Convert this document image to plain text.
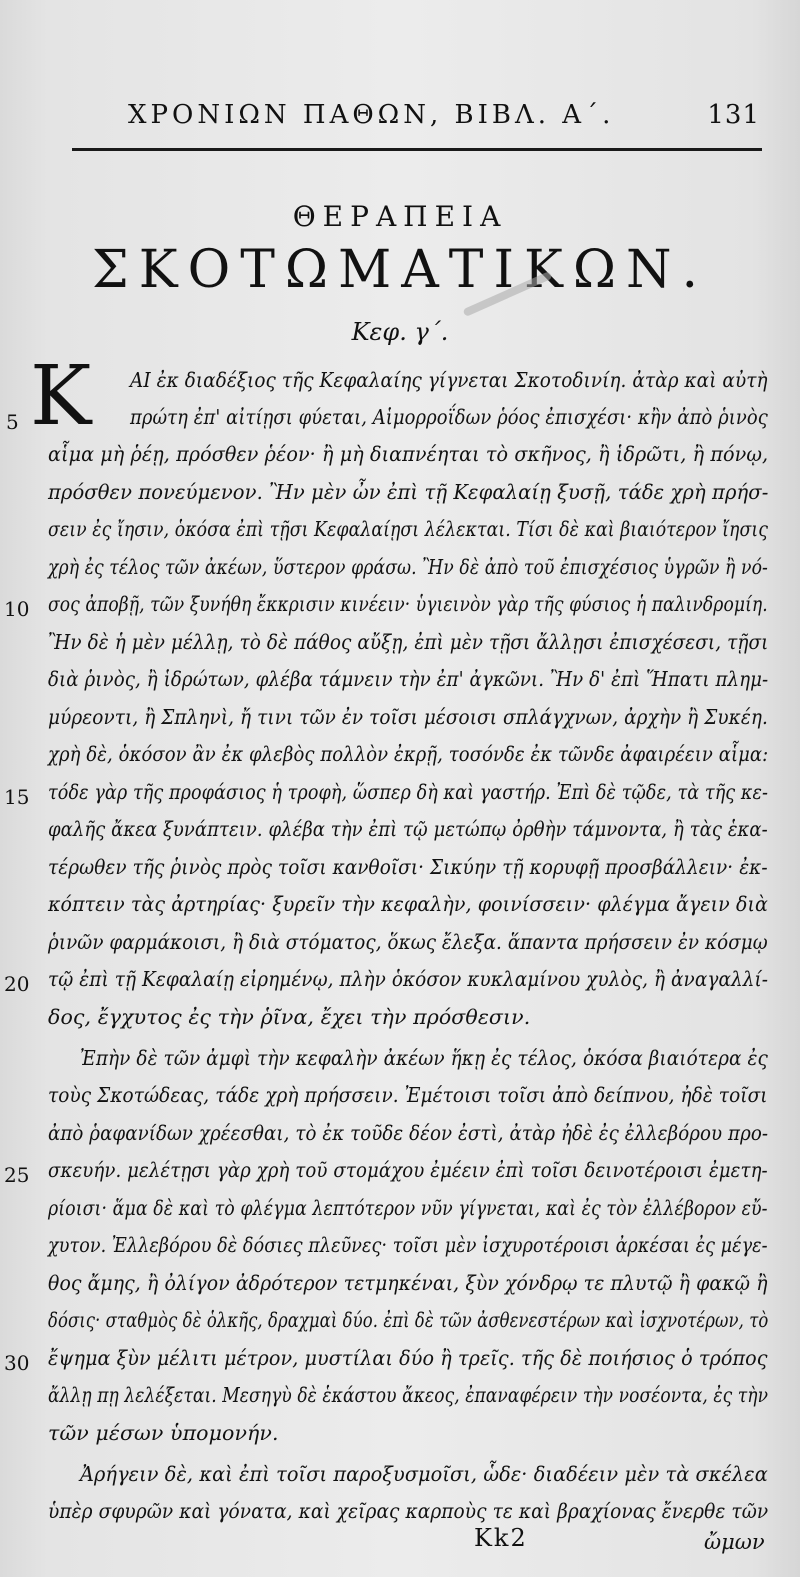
ΧΡΟΝΙΩΝ ΠΑΘΩΝ, ΒΙΒΛ. Α΄.	131
ΘΕΡΑΠΕΙΑ
ΣΚΟΤΩΜΑΤΙΚΩΝ.
Κεφ. γ΄.
Κ ΑΙ ἐκ διαδέξιος τῆς Κεφαλαίης γίγνεται Σκοτοδινίη. ἀτὰρ καὶ αὐτὴ
πρώτη ἐπ' αἰτίῃσι φύεται, Αἱμορροΐδων ῥόος ἐπισχέσι· κἢν ἀπὸ ῥινὸς
αἷμα μὴ ῥέῃ, πρόσθεν ῥέον· ἢ μὴ διαπνέηται τὸ σκῆνος, ἢ ἱδρῶτι, ἢ πόνῳ,
πρόσθεν πονεύμενον. Ἢν μὲν ὦν ἐπὶ τῇ Κεφαλαίῃ ξυσῇ, τάδε χρὴ πρήσ-
σειν ἐς ἴησιν, ὁκόσα ἐπὶ τῇσι Κεφαλαίῃσι λέλεκται. Τίσι δὲ καὶ βιαιότερον ἴησις
χρὴ ἐς τέλος τῶν ἀκέων, ὕστερον φράσω. Ἢν δὲ ἀπὸ τοῦ ἐπισχέσιος ὑγρῶν ἢ νό-
σος ἀποβῇ, τῶν ξυνήθη ἔκκρισιν κινέειν· ὑγιεινὸν γὰρ τῆς φύσιος ἡ παλινδρομίη.
Ἢν δὲ ἡ μὲν μέλλῃ, τὸ δὲ πάθος αὔξῃ, ἐπὶ μὲν τῇσι ἄλλῃσι ἐπισχέσεσι, τῇσι
διὰ ῥινὸς, ἢ ἱδρώτων, φλέβα τάμνειν τὴν ἐπ' ἀγκῶνι. Ἢν δ' ἐπὶ Ἥπατι πλημ-
μύρεοντι, ἢ Σπληνὶ, ἤ τινι τῶν ἐν τοῖσι μέσοισι σπλάγχνων, ἀρχὴν ἢ Συκέη.
χρὴ δὲ, ὁκόσον ἂν ἐκ φλεβὸς πολλὸν ἐκρῇ, τοσόνδε ἐκ τῶνδε ἀφαιρέειν αἷμα:
τόδε γὰρ τῆς προφάσιος ἡ τροφὴ, ὥσπερ δὴ καὶ γαστήρ. Ἐπὶ δὲ τῷδε, τὰ τῆς κε-
φαλῆς ἄκεα ξυνάπτειν. φλέβα τὴν ἐπὶ τῷ μετώπῳ ὀρθὴν τάμνοντα, ἢ τὰς ἑκα-
τέρωθεν τῆς ῥινὸς πρὸς τοῖσι κανθοῖσι· Σικύην τῇ κορυφῇ προσβάλλειν· ἐκ-
κόπτειν τὰς ἀρτηρίας· ξυρεῖν τὴν κεφαλὴν, φοινίσσειν· φλέγμα ἄγειν διὰ
ῥινῶν φαρμάκοισι, ἢ διὰ στόματος, ὅκως ἔλεξα. ἅπαντα πρήσσειν ἐν κόσμῳ
τῷ ἐπὶ τῇ Κεφαλαίῃ εἰρημένῳ, πλὴν ὁκόσον κυκλαμίνου χυλὸς, ἢ ἀναγαλλί-
δος, ἔγχυτος ἐς τὴν ῥῖνα, ἔχει τὴν πρόσθεσιν.
Ἐπὴν δὲ τῶν ἀμφὶ τὴν κεφαλὴν ἀκέων ἥκῃ ἐς τέλος, ὁκόσα βιαιότερα ἐς
τοὺς Σκοτώδεας, τάδε χρὴ πρήσσειν. Ἐμέτοισι τοῖσι ἀπὸ δείπνου, ἠδὲ τοῖσι
ἀπὸ ῥαφανίδων χρέεσθαι, τὸ ἐκ τοῦδε δέον ἐστὶ, ἀτὰρ ἠδὲ ἐς ἐλλεβόρου προ-
σκευήν. μελέτῃσι γὰρ χρὴ τοῦ στομάχου ἐμέειν ἐπὶ τοῖσι δεινοτέροισι ἐμετη-
ρίοισι· ἅμα δὲ καὶ τὸ φλέγμα λεπτότερον νῦν γίγνεται, καὶ ἐς τὸν ἐλλέβορον εὔ-
χυτον. Ἐλλεβόρου δὲ δόσιες πλεῦνες· τοῖσι μὲν ἰσχυροτέροισι ἀρκέσαι ἐς μέγε-
θος ἄμης, ἢ ὀλίγον ἀδρότερον τετμηκέναι, ξὺν χόνδρῳ τε πλυτῷ ἢ φακῷ ἢ
δόσις· σταθμὸς δὲ ὁλκῆς, δραχμαὶ δύο. ἐπὶ δὲ τῶν ἀσθενεστέρων καὶ ἰσχνοτέρων, τὸ
ἔψημα ξὺν μέλιτι μέτρον, μυστίλαι δύο ἢ τρεῖς. τῆς δὲ ποιήσιος ὁ τρόπος
ἄλλῃ πῃ λελέξεται. Μεσηγὺ δὲ ἑκάστου ἄκεος, ἐπαναφέρειν τὴν νοσέοντα, ἐς τὴν
τῶν μέσων ὑπομονήν.
Ἀρήγειν δὲ, καὶ ἐπὶ τοῖσι παροξυσμοῖσι, ὧδε· διαδέειν μὲν τὰ σκέλεα
ὑπὲρ σφυρῶν καὶ γόνατα, καὶ χεῖρας καρποὺς τε καὶ βραχίονας ἔνερθε τῶν
5
10
15
20
25
30
Kk2	ὤμων
